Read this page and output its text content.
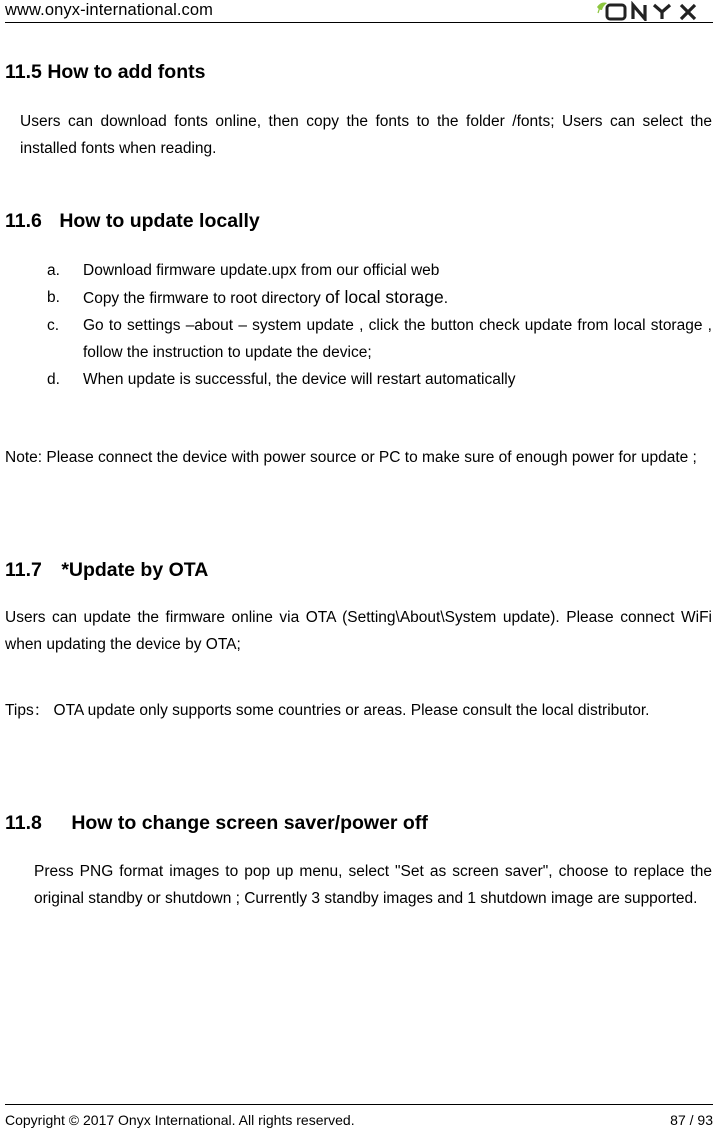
www.onyx-international.com
11.5 How to add fonts

Users can download fonts online, then copy the fonts to the folder /fonts; Users can select the installed fonts when reading.

11.6 How to update locally
a. Download firmware update.upx from our official web
b. Copy the firmware to root directory of local storage.
c. Go to settings –about – system update , click the button check update from local storage , follow the instruction to update the device;
d. When update is successful, the device will restart automatically

Note: Please connect the device with power source or PC to make sure of enough power for update ;

11.7 *Update by OTA

Users can update the firmware online via OTA (Setting\About\System update). Please connect WiFi when updating the device by OTA;

Tips： OTA update only supports some countries or areas. Please consult the local distributor.

11.8 How to change screen saver/power off

Press PNG format images to pop up menu, select "Set as screen saver", choose to replace the original standby or shutdown ; Currently 3 standby images and 1 shutdown image are supported.

Copyright © 2017 Onyx International. All rights reserved.	87 / 93
